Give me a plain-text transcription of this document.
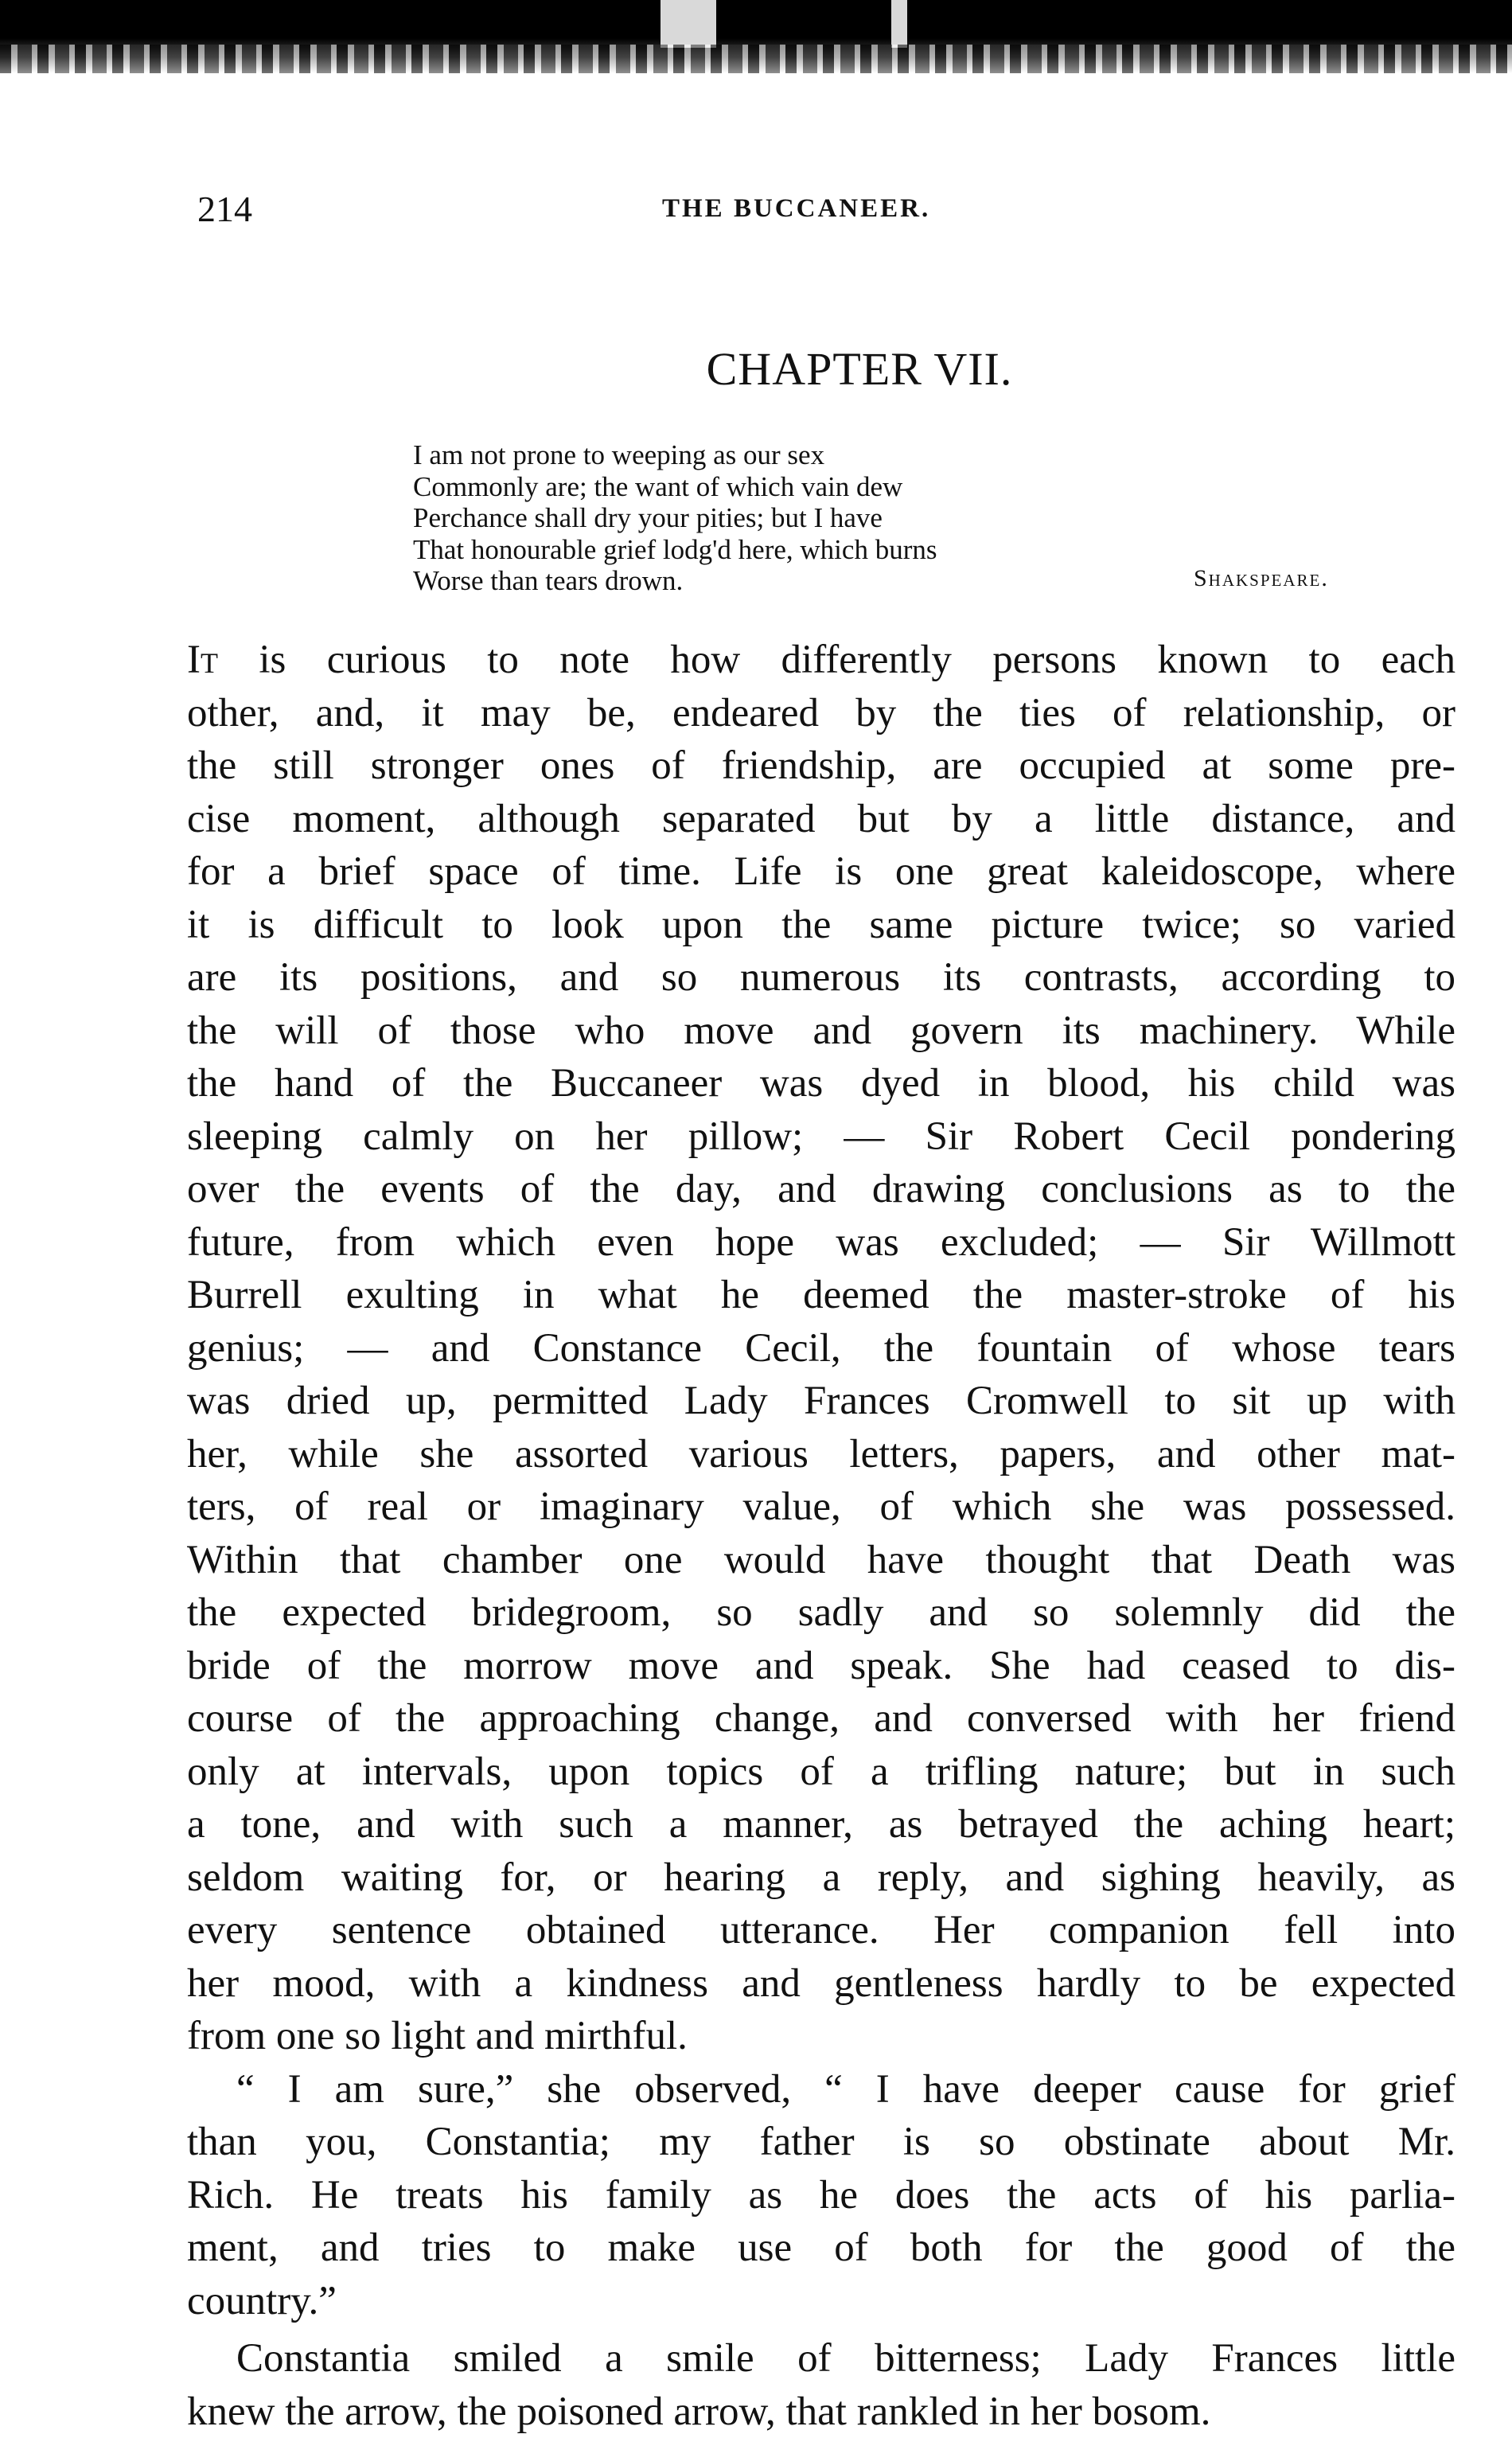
214	THE BUCCANEER.
CHAPTER VII.
I am not prone to weeping as our sex
Commonly are; the want of which vain dew
Perchance shall dry your pities; but I have
That honourable grief lodg'd here, which burns
Worse than tears drown.	Shakspeare.
It is curious to note how differently persons known to each
other, and, it may be, endeared by the ties of relationship, or
the still stronger ones of friendship, are occupied at some pre-
cise moment, although separated but by a little distance, and
for a brief space of time. Life is one great kaleidoscope, where
it is difficult to look upon the same picture twice; so varied
are its positions, and so numerous its contrasts, according to
the will of those who move and govern its machinery. While
the hand of the Buccaneer was dyed in blood, his child was
sleeping calmly on her pillow; — Sir Robert Cecil pondering
over the events of the day, and drawing conclusions as to the
future, from which even hope was excluded; — Sir Willmott
Burrell exulting in what he deemed the master-stroke of his
genius; — and Constance Cecil, the fountain of whose tears
was dried up, permitted Lady Frances Cromwell to sit up with
her, while she assorted various letters, papers, and other mat-
ters, of real or imaginary value, of which she was possessed.
Within that chamber one would have thought that Death was
the expected bridegroom, so sadly and so solemnly did the
bride of the morrow move and speak. She had ceased to dis-
course of the approaching change, and conversed with her friend
only at intervals, upon topics of a trifling nature; but in such
a tone, and with such a manner, as betrayed the aching heart;
seldom waiting for, or hearing a reply, and sighing heavily, as
every sentence obtained utterance. Her companion fell into
her mood, with a kindness and gentleness hardly to be expected
from one so light and mirthful.
“ I am sure,” she observed, “ I have deeper cause for grief
than you, Constantia; my father is so obstinate about Mr.
Rich. He treats his family as he does the acts of his parlia-
ment, and tries to make use of both for the good of the
country.”
Constantia smiled a smile of bitterness; Lady Frances little
knew the arrow, the poisoned arrow, that rankled in her bosom.
